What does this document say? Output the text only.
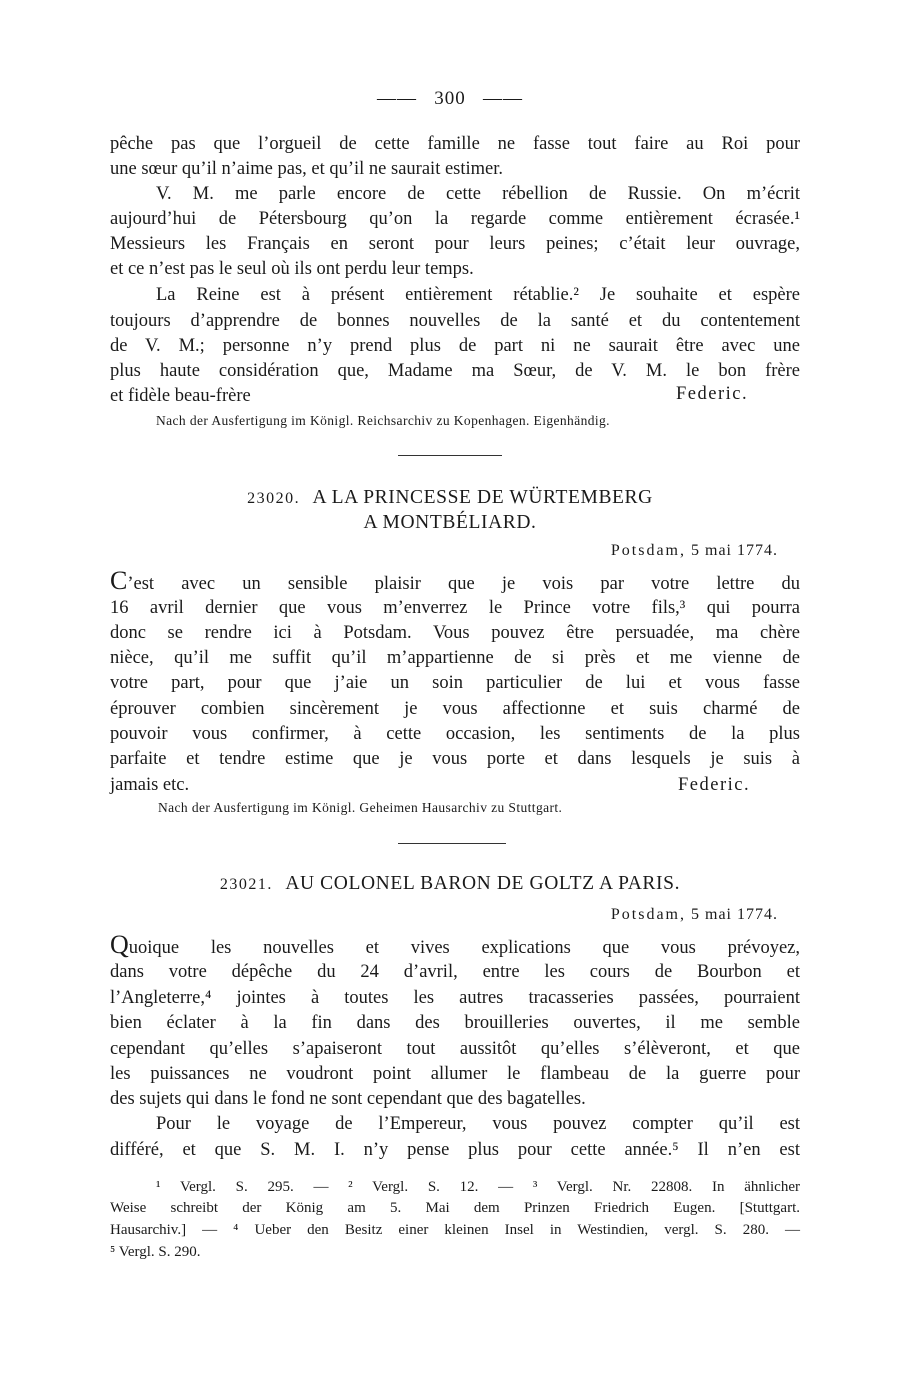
——   300   ——
pêche pas que l’orgueil de cette famille ne fasse tout faire au Roi pour
une sœur qu’il n’aime pas, et qu’il ne saurait estimer.
V. M. me parle encore de cette rébellion de Russie. On m’écrit
aujourd’hui de Pétersbourg qu’on la regarde comme entièrement écrasée.¹
Messieurs les Français en seront pour leurs peines; c’était leur ouvrage,
et ce n’est pas le seul où ils ont perdu leur temps.
La Reine est à présent entièrement rétablie.² Je souhaite et espère
toujours d’apprendre de bonnes nouvelles de la santé et du contentement
de V. M.; personne n’y prend plus de part ni ne saurait être avec une
plus haute considération que, Madame ma Sœur, de V. M. le bon frère
et fidèle beau-frère	Federic.
Nach der Ausfertigung im Königl. Reichsarchiv zu Kopenhagen. Eigenhändig.
23020. A LA PRINCESSE DE WÜRTEMBERG
A MONTBÉLIARD.
Potsdam, 5 mai 1774.
C’est avec un sensible plaisir que je vois par votre lettre du
16 avril dernier que vous m’enverrez le Prince votre fils,³ qui pourra
donc se rendre ici à Potsdam. Vous pouvez être persuadée, ma chère
nièce, qu’il me suffit qu’il m’appartienne de si près et me vienne de
votre part, pour que j’aie un soin particulier de lui et vous fasse
éprouver combien sincèrement je vous affectionne et suis charmé de
pouvoir vous confirmer, à cette occasion, les sentiments de la plus
parfaite et tendre estime que je vous porte et dans lesquels je suis à
jamais etc.	Federic.
Nach der Ausfertigung im Königl. Geheimen Hausarchiv zu Stuttgart.
23021. AU COLONEL BARON DE GOLTZ A PARIS.
Potsdam, 5 mai 1774.
Quoique les nouvelles et vives explications que vous prévoyez,
dans votre dépêche du 24 d’avril, entre les cours de Bourbon et
l’Angleterre,⁴ jointes à toutes les autres tracasseries passées, pourraient
bien éclater à la fin dans des brouilleries ouvertes, il me semble
cependant qu’elles s’apaiseront tout aussitôt qu’elles s’élèveront, et que
les puissances ne voudront point allumer le flambeau de la guerre pour
des sujets qui dans le fond ne sont cependant que des bagatelles.
Pour le voyage de l’Empereur, vous pouvez compter qu’il est
différé, et que S. M. I. n’y pense plus pour cette année.⁵ Il n’en est
¹ Vergl. S. 295. — ² Vergl. S. 12. — ³ Vergl. Nr. 22808. In ähnlicher
Weise schreibt der König am 5. Mai dem Prinzen Friedrich Eugen. [Stuttgart.
Hausarchiv.] — ⁴ Ueber den Besitz einer kleinen Insel in Westindien, vergl. S. 280. —
⁵ Vergl. S. 290.
